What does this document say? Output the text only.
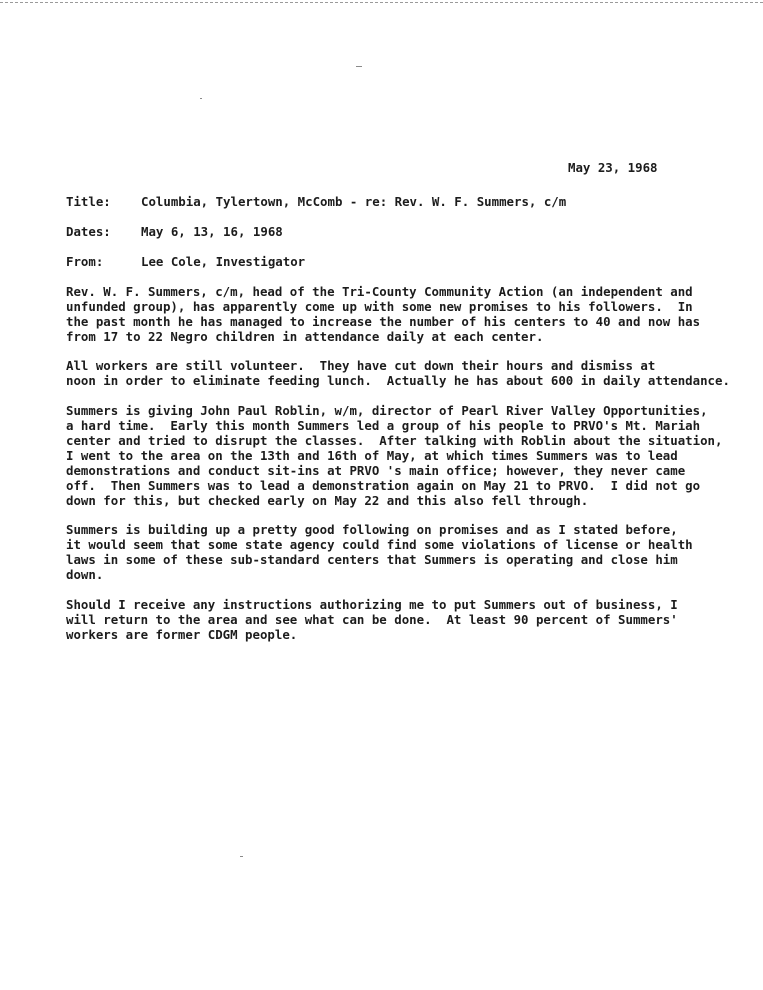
May 23, 1968

Title:

Columbia, Tylertown, McComb - re: Rev. W. F. Summers, c/m

Dates:

May 6, 13, 16, 1968

From:

	Lee Cole, Investigator

Rev. W. F. Summers, c/m, head of the Tri-County Community Action (an independent and
unfunded group), has apparently come up with some new promises to his followers.  In
the past month he has managed to increase the number of his centers to 40 and now has
from 17 to 22 Negro children in attendance daily at each center.

All workers are still volunteer.  They have cut down their hours and dismiss at
noon in order to eliminate feeding lunch.  Actually he has about 600 in daily attendance.

Summers is giving John Paul Roblin, w/m, director of Pearl River Valley Opportunities,
a hard time.  Early this month Summers led a group of his people to PRVO's Mt. Mariah
center and tried to disrupt the classes.  After talking with Roblin about the situation,
I went to the area on the 13th and 16th of May, at which times Summers was to lead
demonstrations and conduct sit-ins at PRVO 's main office; however, they never came
off.  Then Summers was to lead a demonstration again on May 21 to PRVO.  I did not go
down for this, but checked early on May 22 and this also fell through.

Summers is building up a pretty good following on promises and as I stated before,
it would seem that some state agency could find some violations of license or health
laws in some of these sub-standard centers that Summers is operating and close him
down.

Should I receive any instructions authorizing me to put Summers out of business, I
will return to the area and see what can be done.  At least 90 percent of Summers'
workers are former CDGM people.
